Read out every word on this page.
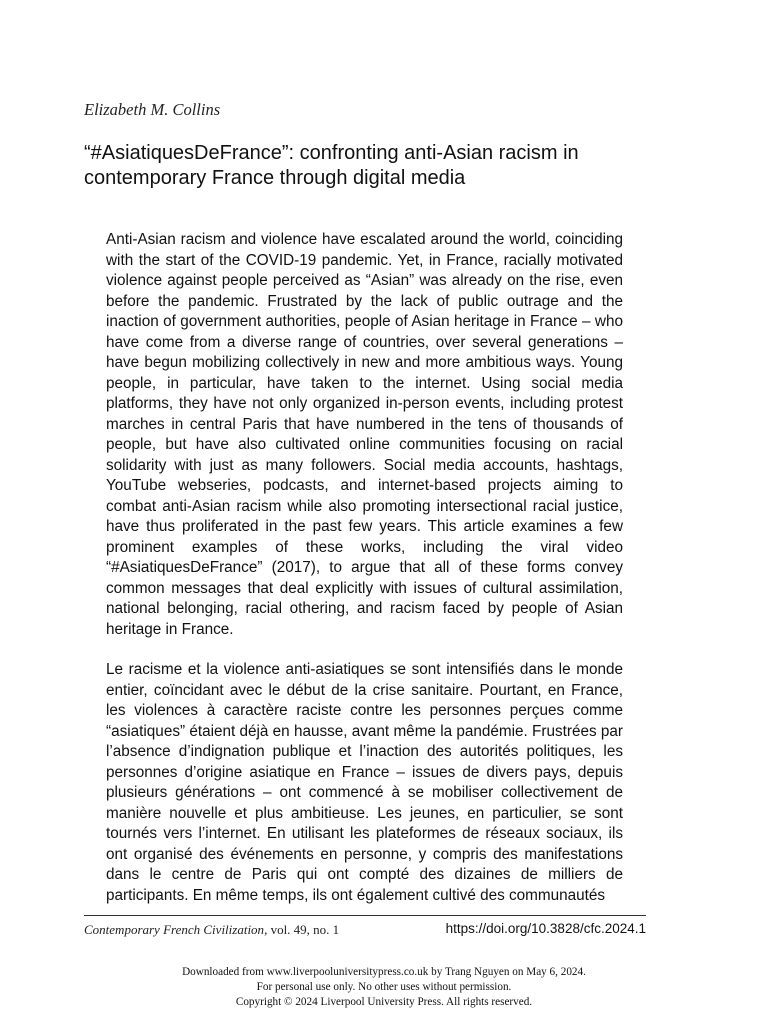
Elizabeth M. Collins
“#AsiatiquesDeFrance”: confronting anti-Asian racism in contemporary France through digital media
Anti-Asian racism and violence have escalated around the world, coinciding with the start of the COVID-19 pandemic. Yet, in France, racially motivated violence against people perceived as “Asian” was already on the rise, even before the pandemic. Frustrated by the lack of public outrage and the inaction of government authorities, people of Asian heritage in France – who have come from a diverse range of countries, over several generations – have begun mobilizing collectively in new and more ambitious ways. Young people, in particular, have taken to the internet. Using social media platforms, they have not only organized in-person events, including protest marches in central Paris that have numbered in the tens of thousands of people, but have also cultivated online communities focusing on racial solidarity with just as many followers. Social media accounts, hashtags, YouTube webseries, podcasts, and internet-based projects aiming to combat anti-Asian racism while also promoting intersectional racial justice, have thus proliferated in the past few years. This article examines a few prominent examples of these works, including the viral video “#AsiatiquesDeFrance” (2017), to argue that all of these forms convey common messages that deal explicitly with issues of cultural assimilation, national belonging, racial othering, and racism faced by people of Asian heritage in France.
Le racisme et la violence anti-asiatiques se sont intensifiés dans le monde entier, coïncidant avec le début de la crise sanitaire. Pourtant, en France, les violences à caractère raciste contre les personnes perçues comme “asiatiques” étaient déjà en hausse, avant même la pandémie. Frustrées par l’absence d’indignation publique et l’inaction des autorités politiques, les personnes d’origine asiatique en France – issues de divers pays, depuis plusieurs générations – ont commencé à se mobiliser collectivement de manière nouvelle et plus ambitieuse. Les jeunes, en particulier, se sont tournés vers l’internet. En utilisant les plateformes de réseaux sociaux, ils ont organisé des événements en personne, y compris des manifestations dans le centre de Paris qui ont compté des dizaines de milliers de participants. En même temps, ils ont également cultivé des communautés
Contemporary French Civilization, vol. 49, no. 1	https://doi.org/10.3828/cfc.2024.1
Downloaded from www.liverpooluniversitypress.co.uk by Trang Nguyen on May 6, 2024.
For personal use only. No other uses without permission.
Copyright © 2024 Liverpool University Press. All rights reserved.
